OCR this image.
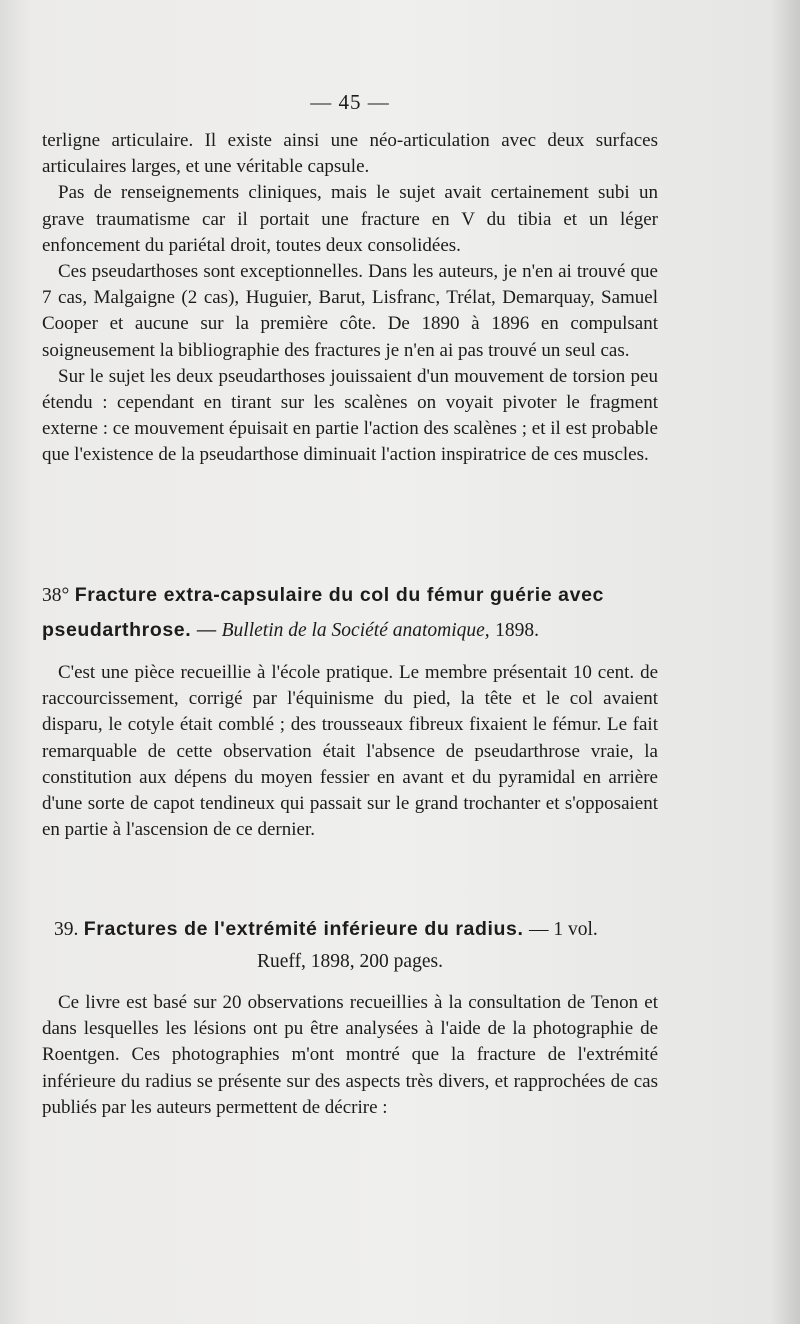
— 45 —

terligne articulaire. Il existe ainsi une néo-articulation avec deux surfaces articulaires larges, et une véritable capsule.

Pas de renseignements cliniques, mais le sujet avait certainement subi un grave traumatisme car il portait une fracture en V du tibia et un léger enfoncement du pariétal droit, toutes deux consolidées.

Ces pseudarthoses sont exceptionnelles. Dans les auteurs, je n'en ai trouvé que 7 cas, Malgaigne (2 cas), Huguier, Barut, Lisfranc, Trélat, Demarquay, Samuel Cooper et aucune sur la première côte. De 1890 à 1896 en compulsant soigneusement la bibliographie des fractures je n'en ai pas trouvé un seul cas.

Sur le sujet les deux pseudarthoses jouissaient d'un mouvement de torsion peu étendu : cependant en tirant sur les scalènes on voyait pivoter le fragment externe : ce mouvement épuisait en partie l'action des scalènes ; et il est probable que l'existence de la pseudarthose diminuait l'action inspiratrice de ces muscles.

38° Fracture extra-capsulaire du col du fémur guérie avec pseudarthrose. — Bulletin de la Société anatomique, 1898.

C'est une pièce recueillie à l'école pratique. Le membre présentait 10 cent. de raccourcissement, corrigé par l'équinisme du pied, la tête et le col avaient disparu, le cotyle était comblé ; des trousseaux fibreux fixaient le fémur. Le fait remarquable de cette observation était l'absence de pseudarthrose vraie, la constitution aux dépens du moyen fessier en avant et du pyramidal en arrière d'une sorte de capot tendineux qui passait sur le grand trochanter et s'opposaient en partie à l'ascension de ce dernier.

39. Fractures de l'extrémité inférieure du radius. — 1 vol.
Rueff, 1898, 200 pages.

Ce livre est basé sur 20 observations recueillies à la consultation de Tenon et dans lesquelles les lésions ont pu être analysées à l'aide de la photographie de Roentgen. Ces photographies m'ont montré que la fracture de l'extrémité inférieure du radius se présente sur des aspects très divers, et rapprochées de cas publiés par les auteurs permettent de décrire :
